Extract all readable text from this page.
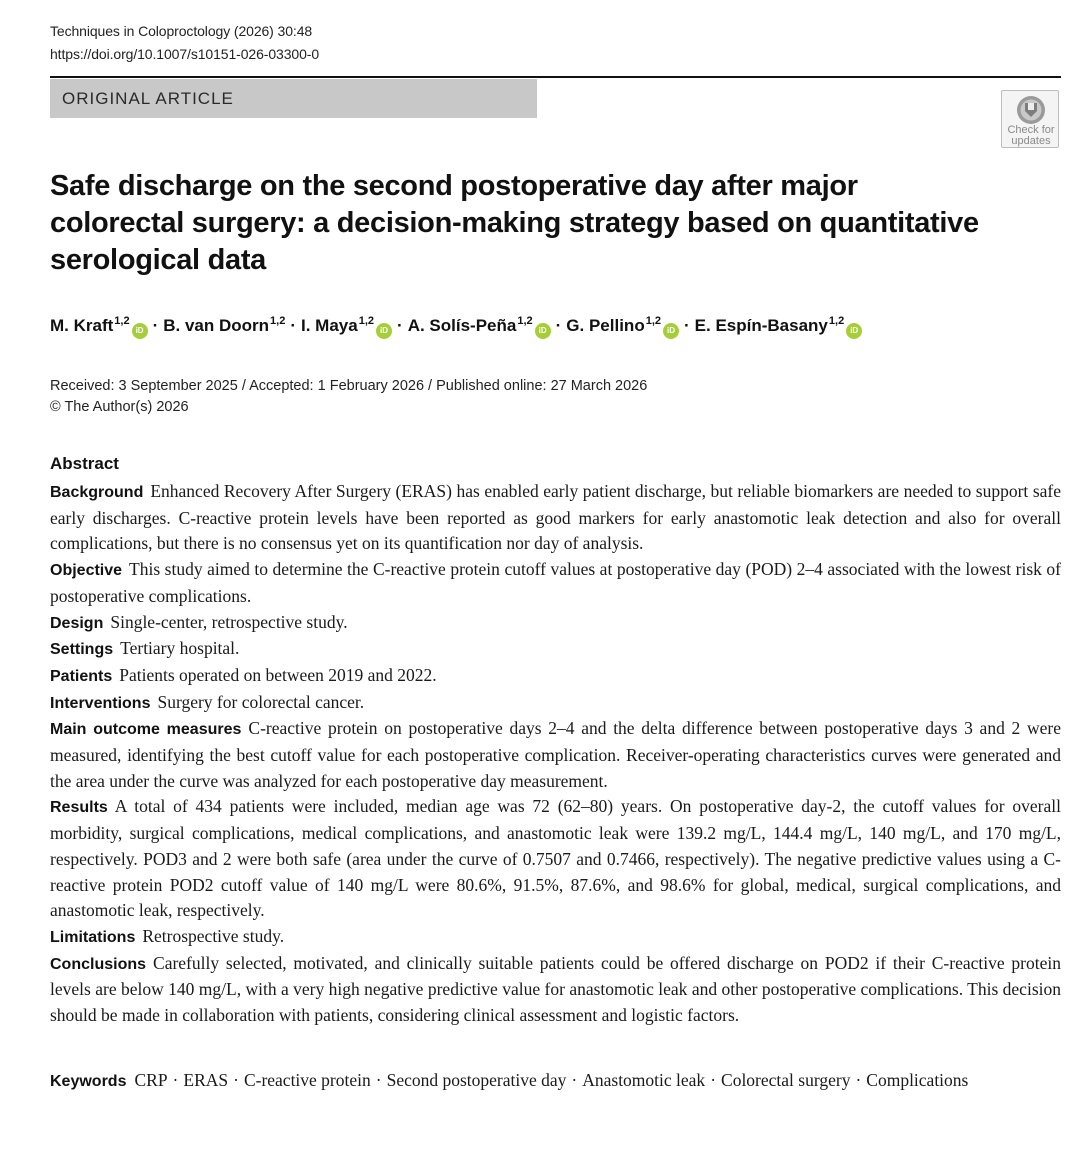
Techniques in Coloproctology (2026) 30:48
https://doi.org/10.1007/s10151-026-03300-0
ORIGINAL ARTICLE
Check for
updates
Safe discharge on the second postoperative day after major colorectal surgery: a decision-making strategy based on quantitative serological data
M. Kraft$^{1,2}$iD · B. van Doorn$^{1,2}$ · I. Maya$^{1,2}$iD · A. Solís-Peña$^{1,2}$iD · G. Pellino$^{1,2}$iD · E. Espín-Basany$^{1,2}$iD
Received: 3 September 2025 / Accepted: 1 February 2026 / Published online: 27 March 2026
© The Author(s) 2026
Abstract

Background Enhanced Recovery After Surgery (ERAS) has enabled early patient discharge, but reliable biomarkers are needed to support safe early discharges. C-reactive protein levels have been reported as good markers for early anastomotic leak detection and also for overall complications, but there is no consensus yet on its quantification nor day of analysis.

Objective This study aimed to determine the C-reactive protein cutoff values at postoperative day (POD) 2–4 associated with the lowest risk of postoperative complications.

Design Single-center, retrospective study.

Settings Tertiary hospital.

Patients Patients operated on between 2019 and 2022.

Interventions Surgery for colorectal cancer.

Main outcome measures C-reactive protein on postoperative days 2–4 and the delta difference between postoperative days 3 and 2 were measured, identifying the best cutoff value for each postoperative complication. Receiver-operating characteristics curves were generated and the area under the curve was analyzed for each postoperative day measurement.

Results A total of 434 patients were included, median age was 72 (62–80) years. On postoperative day-2, the cutoff values for overall morbidity, surgical complications, medical complications, and anastomotic leak were 139.2 mg/L, 144.4 mg/L, 140 mg/L, and 170 mg/L, respectively. POD3 and 2 were both safe (area under the curve of 0.7507 and 0.7466, respectively). The negative predictive values using a C-reactive protein POD2 cutoff value of 140 mg/L were 80.6%, 91.5%, 87.6%, and 98.6% for global, medical, surgical complications, and anastomotic leak, respectively.

Limitations Retrospective study.

Conclusions Carefully selected, motivated, and clinically suitable patients could be offered discharge on POD2 if their C-reactive protein levels are below 140 mg/L, with a very high negative predictive value for anastomotic leak and other postoperative complications. This decision should be made in collaboration with patients, considering clinical assessment and logistic factors.

Keywords CRP · ERAS · C-reactive protein · Second postoperative day · Anastomotic leak · Colorectal surgery · Complications
